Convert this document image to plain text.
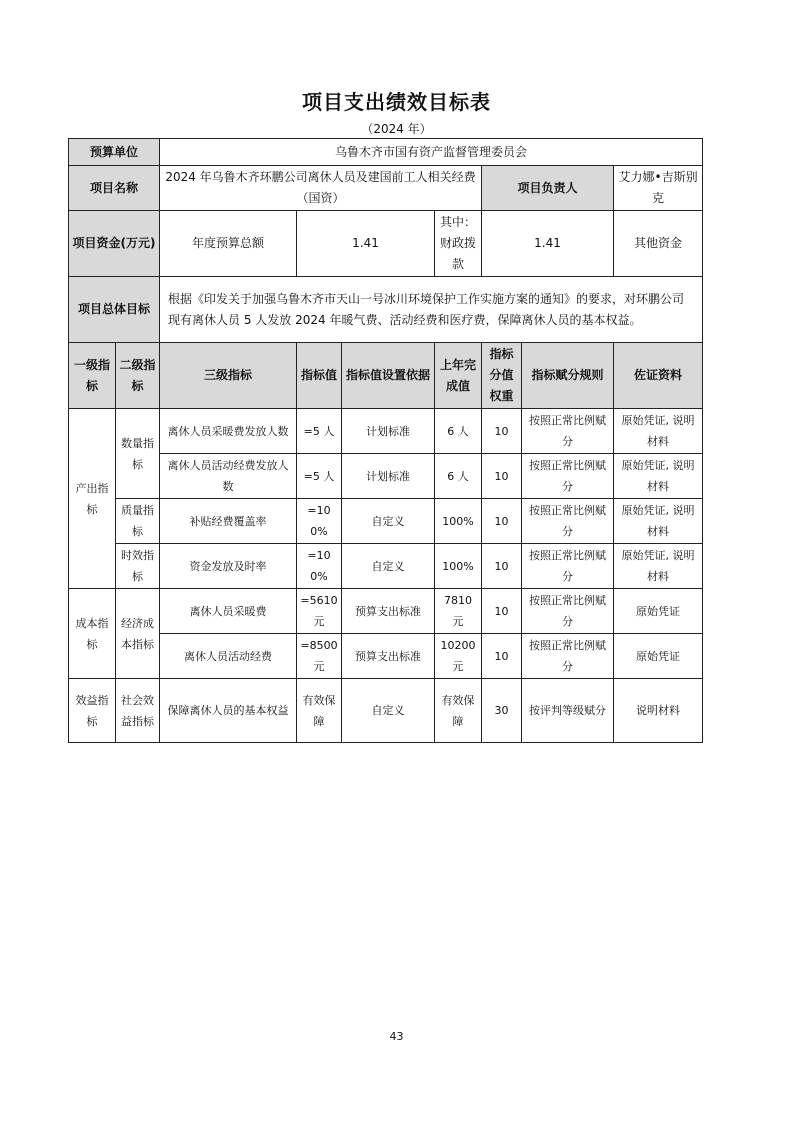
项目支出绩效目标表
（2024 年）
预算单位		乌鲁木齐市国有资产监督管理委员会							
项目名称		2024 年乌鲁木齐环鹏公司离休人员及建国前工人相关经费（国资）				项目负责人		艾力娜•吉斯别克	
项目资金(万元)		年度预算总额	1.41		其中：财政拨款	1.41		其他资金	
项目总体目标		根据《印发关于加强乌鲁木齐市天山一号冰川环境保护工作实施方案的通知》的要求，对环鹏公司现有离休人员 5 人发放 2024 年暖气费、活动经费和医疗费，保障离休人员的基本权益。							
一级指标	二级指标	三级指标	指标值	指标值设置依据	上年完成值	指标分值权重	指标赋分规则	佐证资料	
产出指标	数量指标	离休人员采暖费发放人数	=5 人	计划标准	6 人	10	按照正常比例赋分	原始凭证, 说明材料	
		离休人员活动经费发放人数	=5 人	计划标准	6 人	10	按照正常比例赋分	原始凭证, 说明材料	
	质量指标	补贴经费覆盖率	=100%	自定义	100%	10	按照正常比例赋分	原始凭证, 说明材料	
	时效指标	资金发放及时率	=100%	自定义	100%	10	按照正常比例赋分	原始凭证, 说明材料	
成本指标	经济成本指标	离休人员采暖费	=5610 元	预算支出标准	7810 元	10	按照正常比例赋分	原始凭证	
		离休人员活动经费	=8500 元	预算支出标准	10200 元	10	按照正常比例赋分	原始凭证	
效益指标	社会效益指标	保障离休人员的基本权益	有效保障	自定义	有效保障	30	按评判等级赋分	说明材料	
43
